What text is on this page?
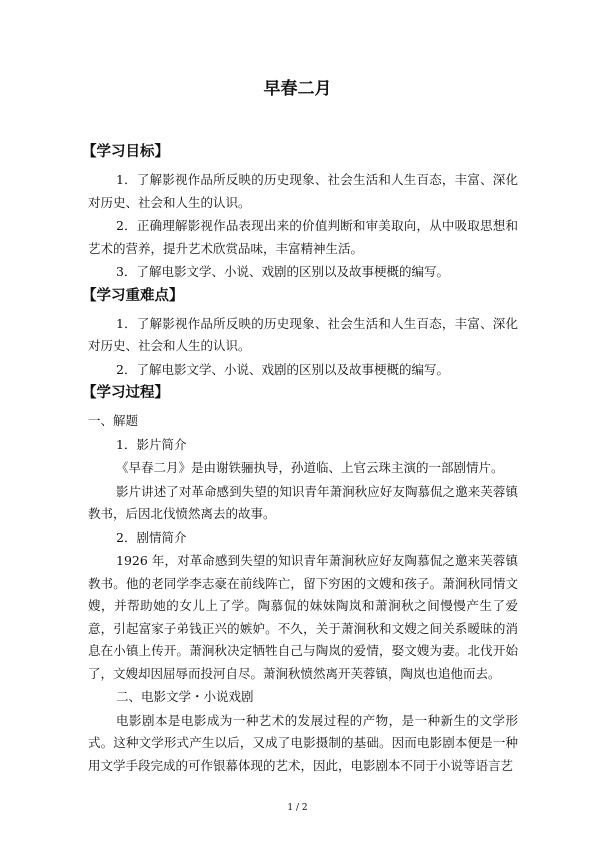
早春二月
【学习目标】
1．了解影视作品所反映的历史现象、社会生活和人生百态，丰富、深化对历史、社会和人生的认识。
2．正确理解影视作品表现出来的价值判断和审美取向，从中吸取思想和艺术的营养，提升艺术欣赏品味，丰富精神生活。
3．了解电影文学、小说、戏剧的区别以及故事梗概的编写。
【学习重难点】
1．了解影视作品所反映的历史现象、社会生活和人生百态，丰富、深化对历史、社会和人生的认识。
2．了解电影文学、小说、戏剧的区别以及故事梗概的编写。
【学习过程】
一、解题
1．影片简介
《早春二月》是由谢铁骊执导，孙道临、上官云珠主演的一部剧情片。
影片讲述了对革命感到失望的知识青年萧涧秋应好友陶慕侃之邀来芙蓉镇教书，后因北伐愤然离去的故事。
2．剧情简介
1926 年，对革命感到失望的知识青年萧涧秋应好友陶慕侃之邀来芙蓉镇教书。他的老同学李志豪在前线阵亡，留下穷困的文嫂和孩子。萧涧秋同情文嫂，并帮助她的女儿上了学。陶慕侃的妹妹陶岚和萧涧秋之间慢慢产生了爱意，引起富家子弟钱正兴的嫉妒。不久，关于萧涧秋和文嫂之间关系暧昧的消息在小镇上传开。萧涧秋决定牺牲自己与陶岚的爱情，娶文嫂为妻。北伐开始了，文嫂却因屈辱而投河自尽。萧涧秋愤然离开芙蓉镇，陶岚也追他而去。
二、电影文学・小说戏剧
电影剧本是电影成为一种艺术的发展过程的产物，是一种新生的文学形式。这种文学形式产生以后，又成了电影摄制的基础。因而电影剧本便是一种用文学手段完成的可作银幕体现的艺术，因此，电影剧本不同于小说等语言艺
1 / 2
